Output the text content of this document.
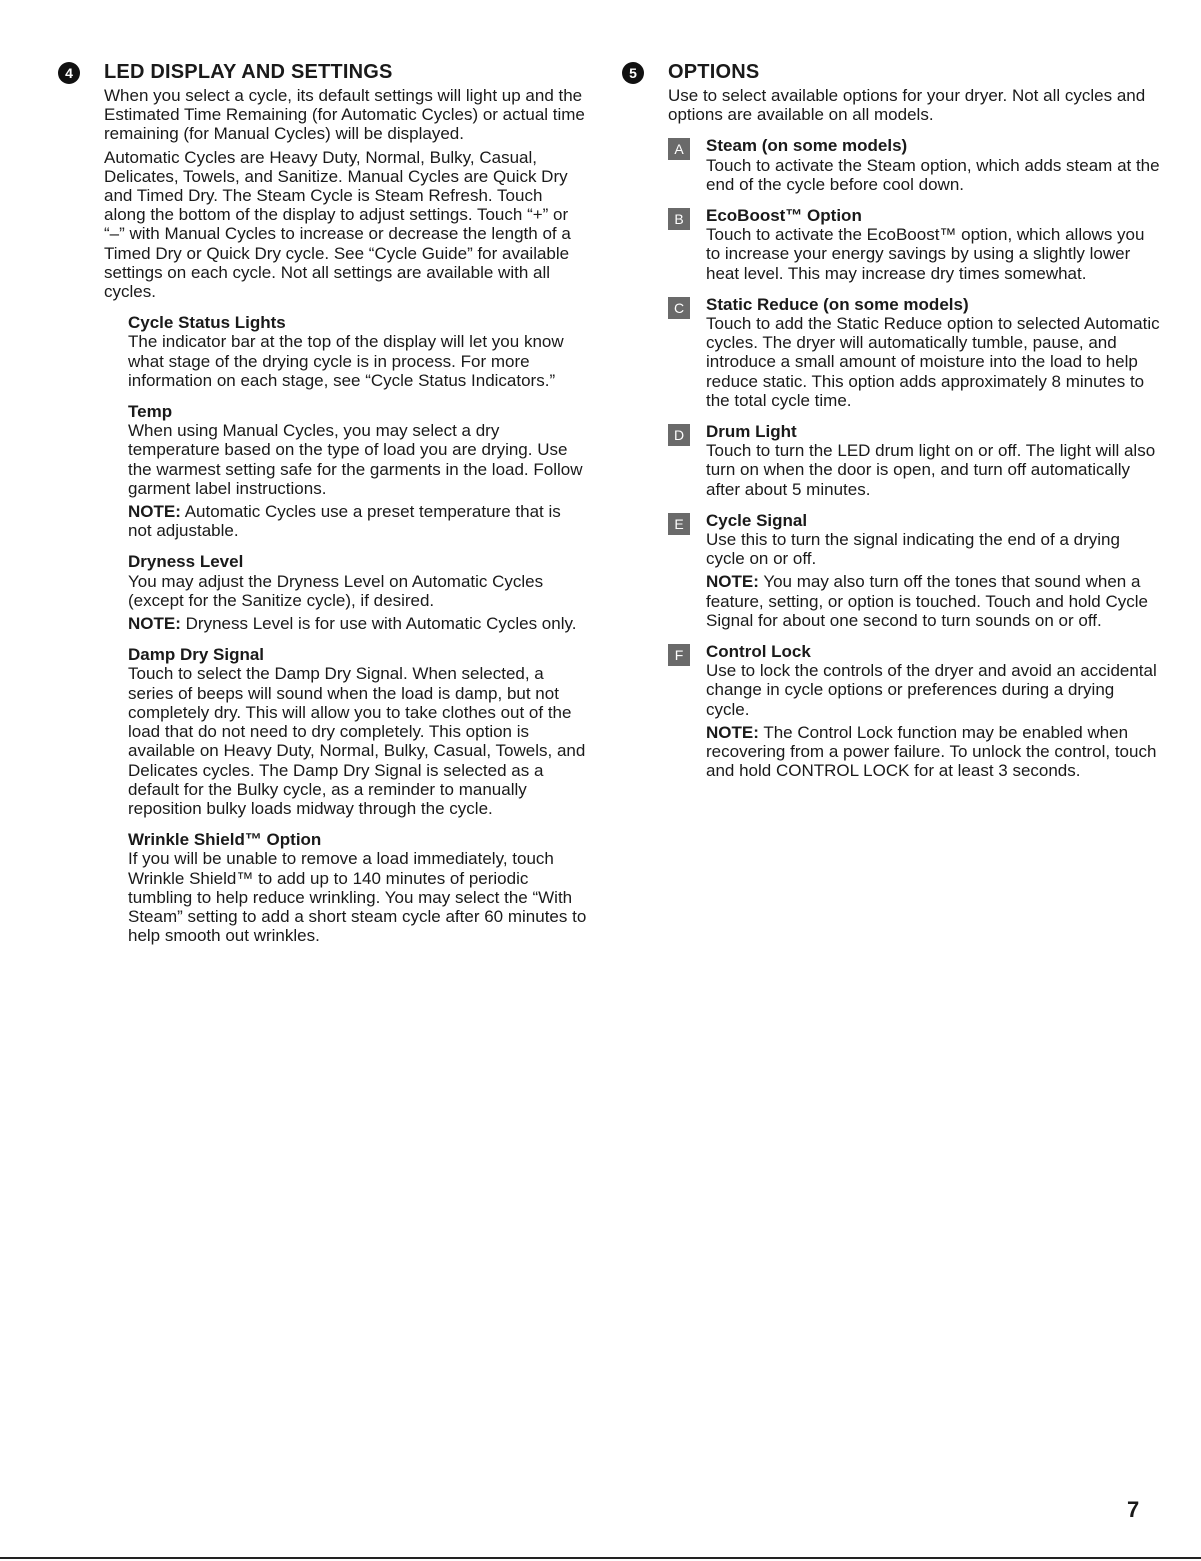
4	LED DISPLAY AND SETTINGS

When you select a cycle, its default settings will light up and the Estimated Time Remaining (for Automatic Cycles) or actual time remaining (for Manual Cycles) will be displayed.

Automatic Cycles are Heavy Duty, Normal, Bulky, Casual, Delicates, Towels, and Sanitize. Manual Cycles are Quick Dry and Timed Dry. The Steam Cycle is Steam Refresh. Touch along the bottom of the display to adjust settings. Touch “+” or “–” with Manual Cycles to increase or decrease the length of a Timed Dry or Quick Dry cycle. See “Cycle Guide” for available settings on each cycle. Not all settings are available with all cycles.

Cycle Status Lights

The indicator bar at the top of the display will let you know what stage of the drying cycle is in process. For more information on each stage, see “Cycle Status Indicators.”

Temp

When using Manual Cycles, you may select a dry temperature based on the type of load you are drying. Use the warmest setting safe for the garments in the load. Follow garment label instructions.

NOTE: Automatic Cycles use a preset temperature that is not adjustable.

Dryness Level

You may adjust the Dryness Level on Automatic Cycles (except for the Sanitize cycle), if desired.

NOTE: Dryness Level is for use with Automatic Cycles only.

Damp Dry Signal

Touch to select the Damp Dry Signal. When selected, a series of beeps will sound when the load is damp, but not completely dry. This will allow you to take clothes out of the load that do not need to dry completely. This option is available on Heavy Duty, Normal, Bulky, Casual, Towels, and Delicates cycles. The Damp Dry Signal is selected as a default for the Bulky cycle, as a reminder to manually reposition bulky loads midway through the cycle.

Wrinkle Shield™ Option

If you will be unable to remove a load immediately, touch Wrinkle Shield™ to add up to 140 minutes of periodic tumbling to help reduce wrinkling. You may select the “With Steam” setting to add a short steam cycle after 60 minutes to help smooth out wrinkles.

5	OPTIONS

Use to select available options for your dryer. Not all cycles and options are available on all models.

A	Steam (on some models)

Touch to activate the Steam option, which adds steam at the end of the cycle before cool down.

B	EcoBoost™ Option

Touch to activate the EcoBoost™ option, which allows you to increase your energy savings by using a slightly lower heat level. This may increase dry times somewhat.

C	Static Reduce (on some models)

Touch to add the Static Reduce option to selected Automatic cycles. The dryer will automatically tumble, pause, and introduce a small amount of moisture into the load to help reduce static. This option adds approximately 8 minutes to the total cycle time.

D	Drum Light

Touch to turn the LED drum light on or off. The light will also turn on when the door is open, and turn off automatically after about 5 minutes.

E	Cycle Signal

Use this to turn the signal indicating the end of a drying cycle on or off.

NOTE: You may also turn off the tones that sound when a feature, setting, or option is touched. Touch and hold Cycle Signal for about one second to turn sounds on or off.

F	Control Lock

Use to lock the controls of the dryer and avoid an accidental change in cycle options or preferences during a drying cycle.

NOTE: The Control Lock function may be enabled when recovering from a power failure. To unlock the control, touch and hold CONTROL LOCK for at least 3 seconds.

7
